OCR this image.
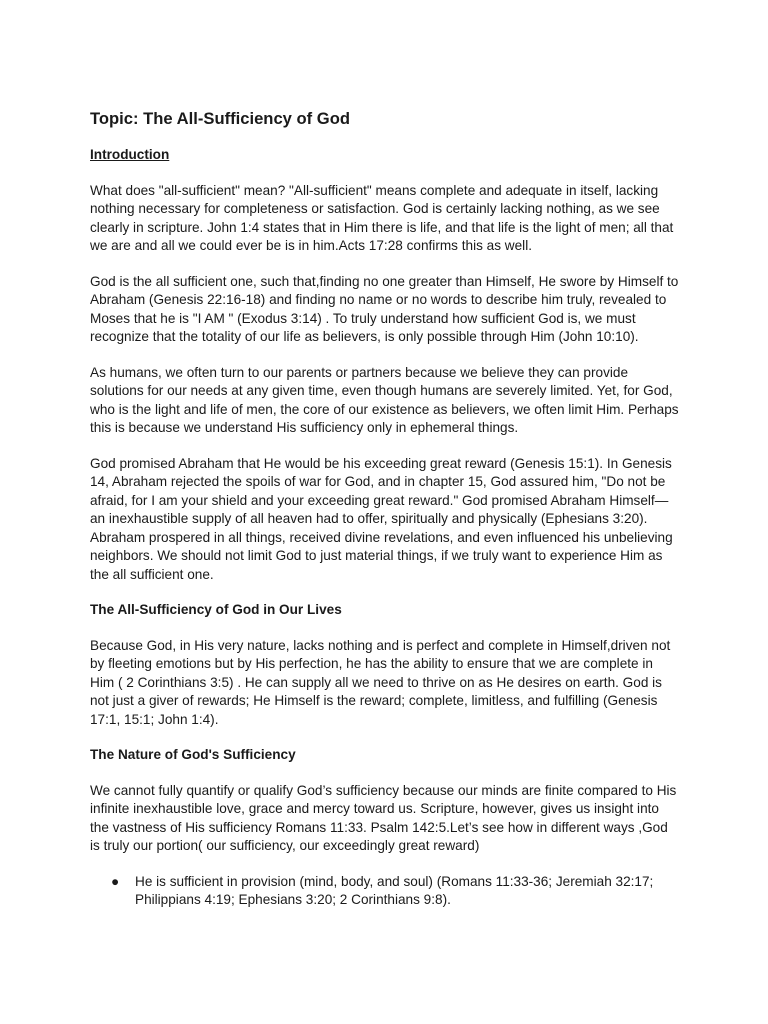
Topic: The All-Sufficiency of God
Introduction

What does "all-sufficient" mean? "All-sufficient" means complete and adequate in itself, lacking nothing necessary for completeness or satisfaction. God is certainly lacking nothing, as we see clearly in scripture. John 1:4 states that in Him there is life, and that life is the light of men; all that we are and all we could ever be is in him.Acts 17:28 confirms this as well.

God is the all sufficient one, such that,finding no one greater than Himself, He swore by Himself to Abraham (Genesis 22:16-18) and finding no name or no words to describe him truly, revealed to Moses that he is "I AM " (Exodus 3:14) . To truly understand how sufficient God is, we must recognize that the totality of our life as believers, is only possible through Him (John 10:10).

As humans, we often turn to our parents or partners because we believe they can provide solutions for our needs at any given time, even though humans are severely limited. Yet, for God, who is the light and life of men, the core of our existence as believers, we often limit Him. Perhaps this is because we understand His sufficiency only in ephemeral things.

God promised Abraham that He would be his exceeding great reward (Genesis 15:1). In Genesis 14, Abraham rejected the spoils of war for God, and in chapter 15, God assured him, "Do not be afraid, for I am your shield and your exceeding great reward." God promised Abraham Himself—an inexhaustible supply of all heaven had to offer, spiritually and physically (Ephesians 3:20). Abraham prospered in all things, received divine revelations, and even influenced his unbelieving neighbors. We should not limit God to just material things, if we truly want to experience Him as the all sufficient one.

The All-Sufficiency of God in Our Lives

Because God, in His very nature, lacks nothing and is perfect and complete in Himself,driven not by fleeting emotions but by His perfection, he has the ability to ensure that we are complete in Him ( 2 Corinthians 3:5) . He can supply all we need to thrive on as He desires on earth. God is not just a giver of rewards; He Himself is the reward; complete, limitless, and fulfilling (Genesis 17:1, 15:1; John 1:4).

The Nature of God's Sufficiency

We cannot fully quantify or qualify God’s sufficiency because our minds are finite compared to His infinite inexhaustible love, grace and mercy toward us. Scripture, however, gives us insight into the vastness of His sufficiency Romans 11:33. Psalm 142:5.Let’s see how in different ways ,God is truly our portion( our sufficiency, our exceedingly great reward)

● He is sufficient in provision (mind, body, and soul) (Romans 11:33-36; Jeremiah 32:17; Philippians 4:19; Ephesians 3:20; 2 Corinthians 9:8).
